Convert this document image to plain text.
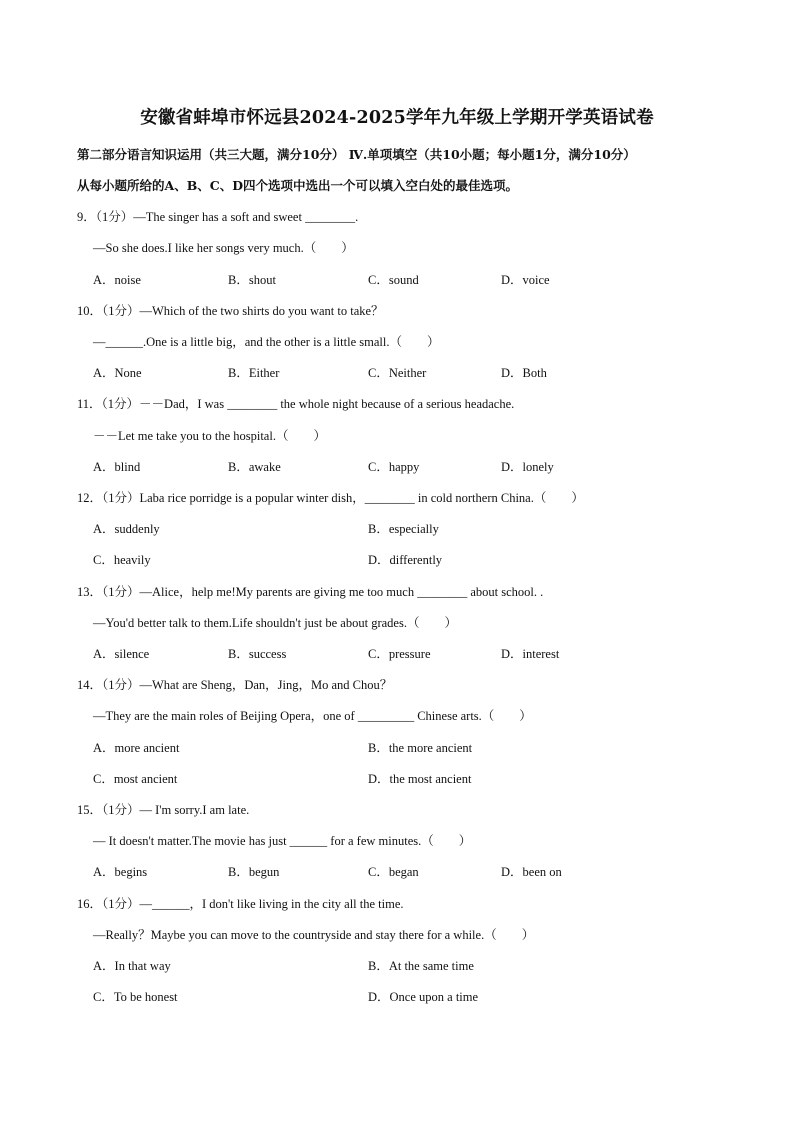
安徽省蚌埠市怀远县2024-2025学年九年级上学期开学英语试卷
第二部分语言知识运用（共三大题，满分10分） Ⅳ.单项填空（共10小题；每小题1分，满分10分）
从每小题所给的A、B、C、D四个选项中选出一个可以填入空白处的最佳选项。
9．（1分）—The singer has a soft and sweet ________.
—So she does.I like her songs very much.（　　）
A．noise	B．shout	C．sound	D．voice
10．（1分）—Which of the two shirts do you want to take？
—______.One is a little big，and the other is a little small.（　　）
A．None	B．Either	C．Neither	D．Both
11．（1分）－－Dad，I was ________ the whole night because of a serious headache.
－－Let me take you to the hospital.（　　）
A．blind	B．awake	C．happy	D．lonely
12．（1分）Laba rice porridge is a popular winter dish，________ in cold northern China.（　　）
A．suddenly	B．especially
C．heavily	D．differently
13．（1分）—Alice，help me!My parents are giving me too much ________ about school. .
—You'd better talk to them.Life shouldn't just be about grades.（　　）
A．silence	B．success	C．pressure	D．interest
14．（1分）—What are Sheng，Dan，Jing，Mo and Chou？
—They are the main roles of Beijing Opera，one of _________ Chinese arts.（　　）
A．more ancient	B．the more ancient
C．most ancient	D．the most ancient
15．（1分）— I'm sorry.I am late.
— It doesn't matter.The movie has just ______ for a few minutes.（　　）
A．begins	B．begun	C．began	D．been on
16．（1分）—______，I don't like living in the city all the time.
—Really？Maybe you can move to the countryside and stay there for a while.（　　）
A．In that way	B．At the same time
C．To be honest	D．Once upon a time
